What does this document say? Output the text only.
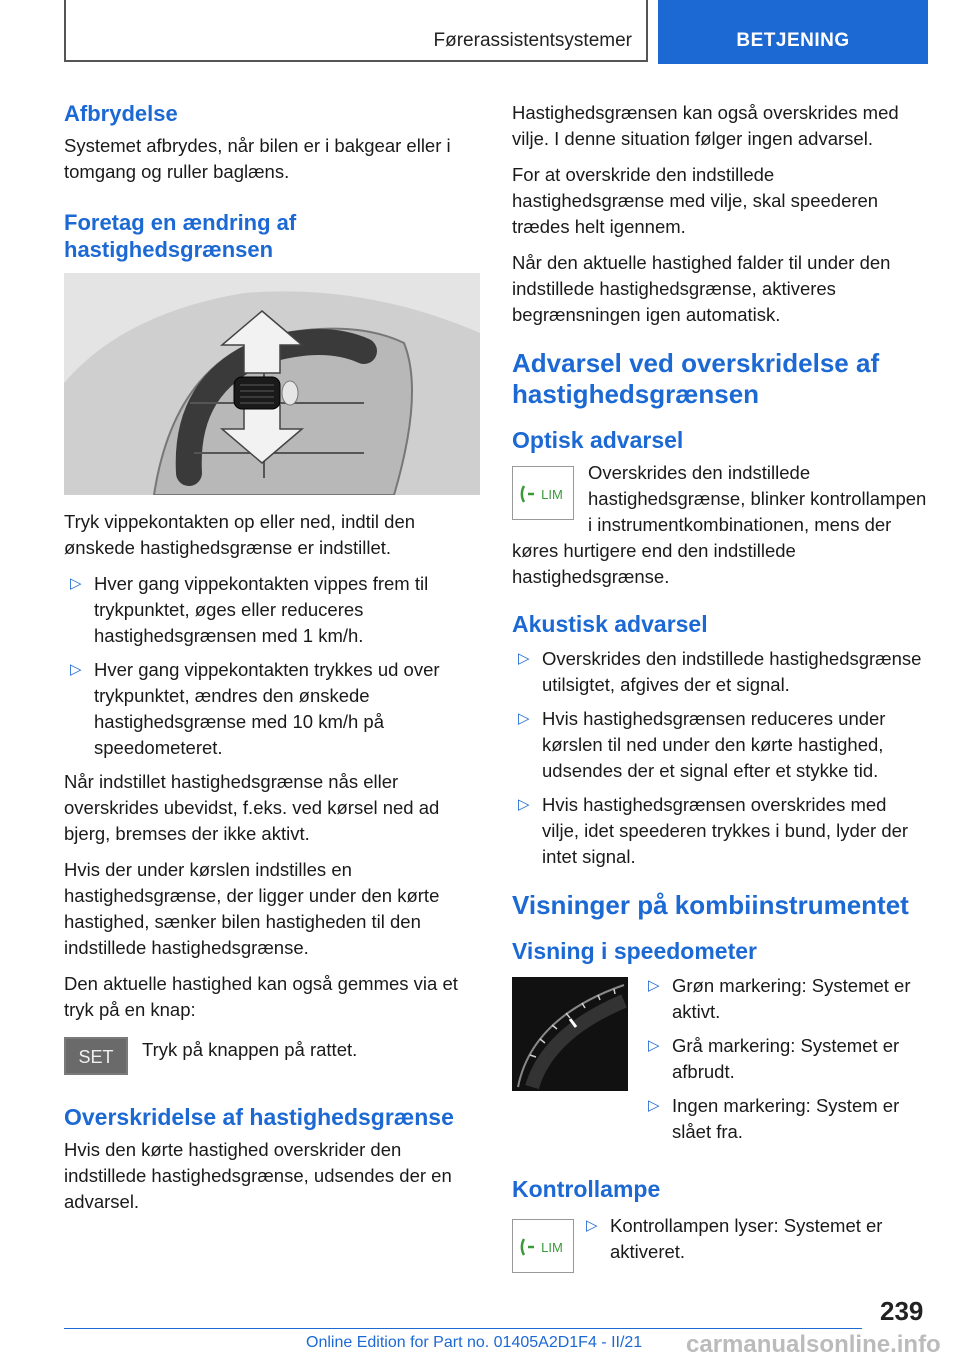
Førerassistentsystemer	BETJENING
Afbrydelse

Systemet afbrydes, når bilen er i bakgear eller i tomgang og ruller baglæns.

Foretag en ændring af hastighedsgrænsen

Tryk vippekontakten op eller ned, indtil den ønskede hastighedsgrænse er indstillet.

▷ Hver gang vippekontakten vippes frem til trykpunktet, øges eller reduceres hastighedsgrænsen med 1 km/h.
▷ Hver gang vippekontakten trykkes ud over trykpunktet, ændres den ønskede hastighedsgrænse med 10 km/h på speedometeret.

Når indstillet hastighedsgrænse nås eller overskrides ubevidst, f.eks. ved kørsel ned ad bjerg, bremses der ikke aktivt.

Hvis der under kørslen indstilles en hastighedsgrænse, der ligger under den kørte hastighed, sænker bilen hastigheden til den indstillede hastighedsgrænse.

Den aktuelle hastighed kan også gemmes via et tryk på en knap:

SET	Tryk på knappen på rattet.

Overskridelse af hastighedsgrænse

Hvis den kørte hastighed overskrider den indstillede hastighedsgrænse, udsendes der en advarsel.

Hastighedsgrænsen kan også overskrides med vilje. I denne situation følger ingen advarsel.

For at overskride den indstillede hastighedsgrænse med vilje, skal speederen trædes helt igennem.

Når den aktuelle hastighed falder til under den indstillede hastighedsgrænse, aktiveres begrænsningen igen automatisk.

Advarsel ved overskridelse af hastighedsgrænsen
Optisk advarsel
LIM

Overskrides den indstillede hastighedsgrænse, blinker kontrollampen i instrumentkombinationen, mens der køres hurtigere end den indstillede hastighedsgrænse.

Akustisk advarsel
▷ Overskrides den indstillede hastighedsgrænse utilsigtet, afgives der et signal.
▷ Hvis hastighedsgrænsen reduceres under kørslen til ned under den kørte hastighed, udsendes der et signal efter et stykke tid.
▷ Hvis hastighedsgrænsen overskrides med vilje, idet speederen trykkes i bund, lyder der intet signal.
Visninger på kombiinstrumentet
Visning i speedometer
▷ Grøn markering: Systemet er aktivt.
▷ Grå markering: Systemet er afbrudt.
▷ Ingen markering: System er slået fra.
Kontrollampe
LIM
▷ Kontrollampen lyser: Systemet er aktiveret.
239
Online Edition for Part no. 01405A2D1F4 - II/21 carmanualsonline.info
